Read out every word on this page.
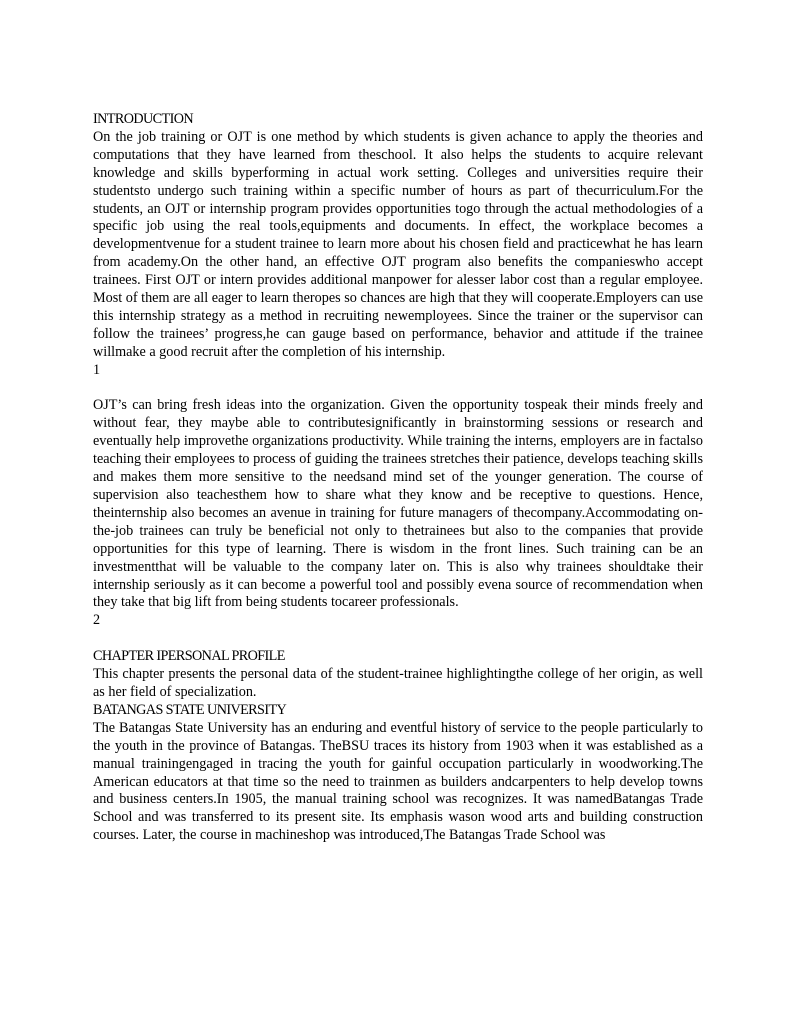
INTRODUCTION

On the job training or OJT is one method by which students is given achance to apply the theories and computations that they have learned from theschool. It also helps the students to acquire relevant knowledge and skills byperforming in actual work setting. Colleges and universities require their studentsto undergo such training within a specific number of hours as part of thecurriculum.For the students, an OJT or internship program provides opportunities togo through the actual methodologies of a specific job using the real tools,equipments and documents. In effect, the workplace becomes a developmentvenue for a student trainee to learn more about his chosen field and practicewhat he has learn from academy.On the other hand, an effective OJT program also benefits the companieswho accept trainees. First OJT or intern provides additional manpower for alesser labor cost than a regular employee. Most of them are all eager to learn theropes so chances are high that they will cooperate.Employers can use this internship strategy as a method in recruiting newemployees. Since the trainer or the supervisor can follow the trainees’ progress,he can gauge based on performance, behavior and attitude if the trainee willmake a good recruit after the completion of his internship.

1

OJT’s can bring fresh ideas into the organization. Given the opportunity tospeak their minds freely and without fear, they maybe able to contributesignificantly in brainstorming sessions or research and eventually help improvethe organizations productivity. While training the interns, employers are in factalso teaching their employees to process of guiding the trainees stretches their patience, develops teaching skills and makes them more sensitive to the needsand mind set of the younger generation. The course of supervision also teachesthem how to share what they know and be receptive to questions. Hence, theinternship also becomes an avenue in training for future managers of thecompany.Accommodating on-the-job trainees can truly be beneficial not only to thetrainees but also to the companies that provide opportunities for this type of learning. There is wisdom in the front lines. Such training can be an investmentthat will be valuable to the company later on. This is also why trainees shouldtake their internship seriously as it can become a powerful tool and possibly evena source of recommendation when they take that big lift from being students tocareer professionals.

2

CHAPTER IPERSONAL PROFILE

This chapter presents the personal data of the student-trainee highlightingthe college of her origin, as well as her field of specialization.

BATANGAS STATE UNIVERSITY

The Batangas State University has an enduring and eventful history of service to the people particularly to the youth in the province of Batangas. TheBSU traces its history from 1903 when it was established as a manual trainingengaged in tracing the youth for gainful occupation particularly in woodworking.The American educators at that time so the need to trainmen as builders andcarpenters to help develop towns and business centers.In 1905, the manual training school was recognizes. It was namedBatangas Trade School and was transferred to its present site. Its emphasis wason wood arts and building construction courses. Later, the course in machineshop was introduced,The Batangas Trade School was
